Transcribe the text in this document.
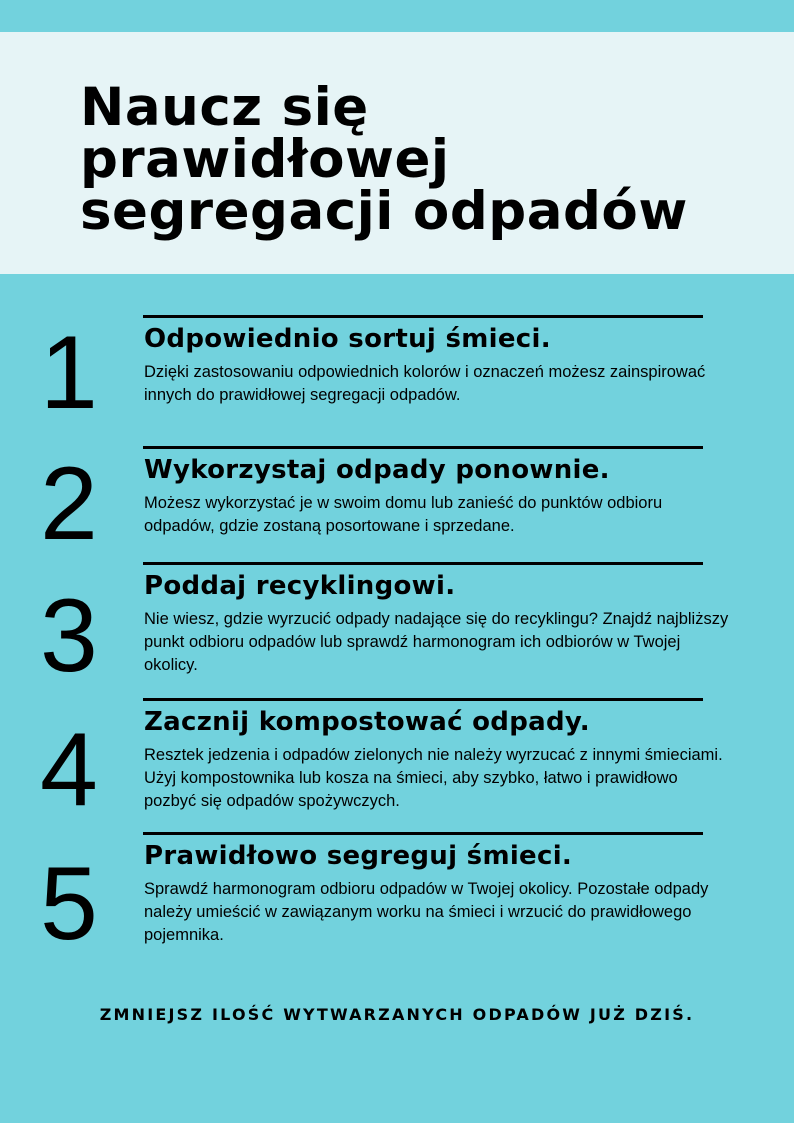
Naucz się
prawidłowej
segregacji odpadów
1 Odpowiednio sortuj śmieci.

Dzięki zastosowaniu odpowiednich kolorów i oznaczeń możesz zainspirować innych do prawidłowej segregacji odpadów.

2 Wykorzystaj odpady ponownie.

Możesz wykorzystać je w swoim domu lub zanieść do punktów odbioru odpadów, gdzie zostaną posortowane i sprzedane.

3 Poddaj recyklingowi.

Nie wiesz, gdzie wyrzucić odpady nadające się do recyklingu? Znajdź najbliższy punkt odbioru odpadów lub sprawdź harmonogram ich odbiorów w Twojej okolicy.

4 Zacznij kompostować odpady.

Resztek jedzenia i odpadów zielonych nie należy wyrzucać z innymi śmieciami. Użyj kompostownika lub kosza na śmieci, aby szybko, łatwo i prawidłowo pozbyć się odpadów spożywczych.

5 Prawidłowo segreguj śmieci.

Sprawdź harmonogram odbioru odpadów w Twojej okolicy. Pozostałe odpady należy umieścić w zawiązanym worku na śmieci i wrzucić do prawidłowego pojemnika.

ZMNIEJSZ ILOŚĆ WYTWARZANYCH ODPADÓW JUŻ DZIŚ.
